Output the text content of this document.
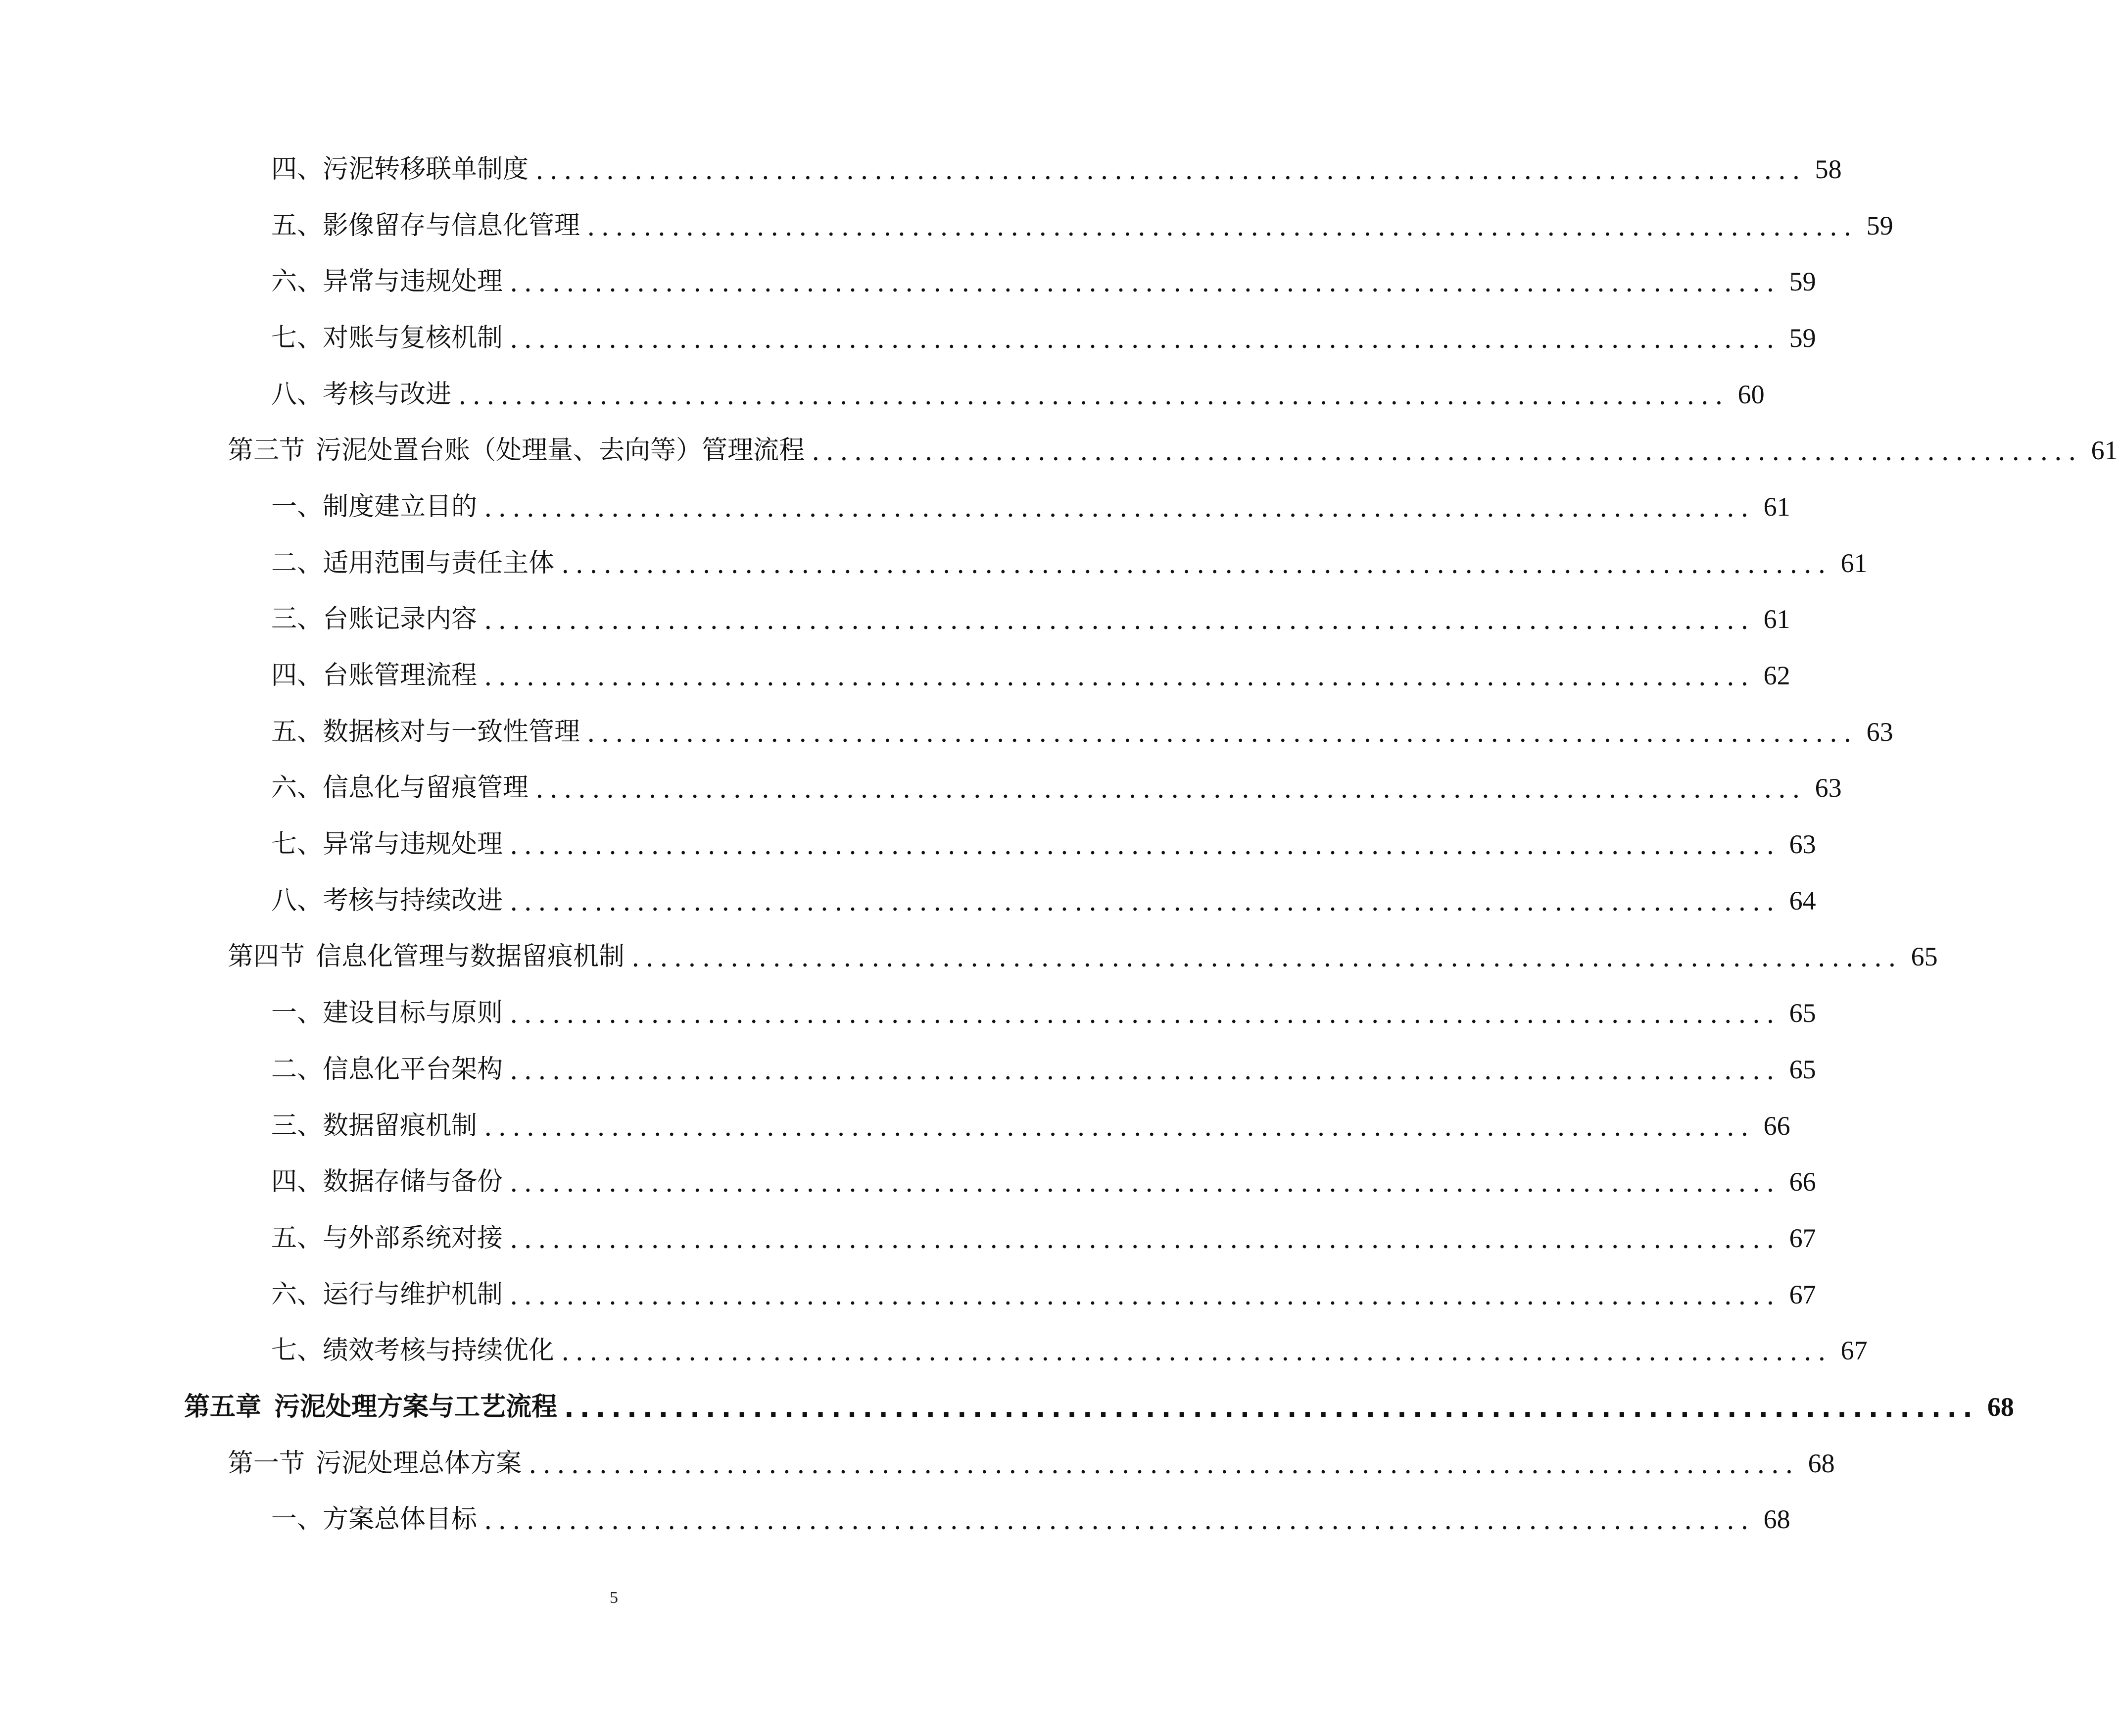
四、 污泥转移联单制度 .......................................................................................... 58
五、 影像留存与信息化管理 .......................................................................................... 59
六、 异常与违规处理 .......................................................................................... 59
七、 对账与复核机制 .......................................................................................... 59
八、 考核与改进 .......................................................................................... 60
第三节 污泥处置台账（处理量、去向等）管理流程 .......................................................................................... 61
一、 制度建立目的 .......................................................................................... 61
二、 适用范围与责任主体 .......................................................................................... 61
三、 台账记录内容 .......................................................................................... 61
四、 台账管理流程 .......................................................................................... 62
五、 数据核对与一致性管理 .......................................................................................... 63
六、 信息化与留痕管理 .......................................................................................... 63
七、 异常与违规处理 .......................................................................................... 63
八、 考核与持续改进 .......................................................................................... 64
第四节 信息化管理与数据留痕机制 .......................................................................................... 65
一、 建设目标与原则 .......................................................................................... 65
二、 信息化平台架构 .......................................................................................... 65
三、 数据留痕机制 .......................................................................................... 66
四、 数据存储与备份 .......................................................................................... 66
五、 与外部系统对接 .......................................................................................... 67
六、 运行与维护机制 .......................................................................................... 67
七、 绩效考核与持续优化 .......................................................................................... 67
第五章 污泥处理方案与工艺流程 .......................................................................................... 68
第一节 污泥处理总体方案 .......................................................................................... 68
一、 方案总体目标 .......................................................................................... 68
5
